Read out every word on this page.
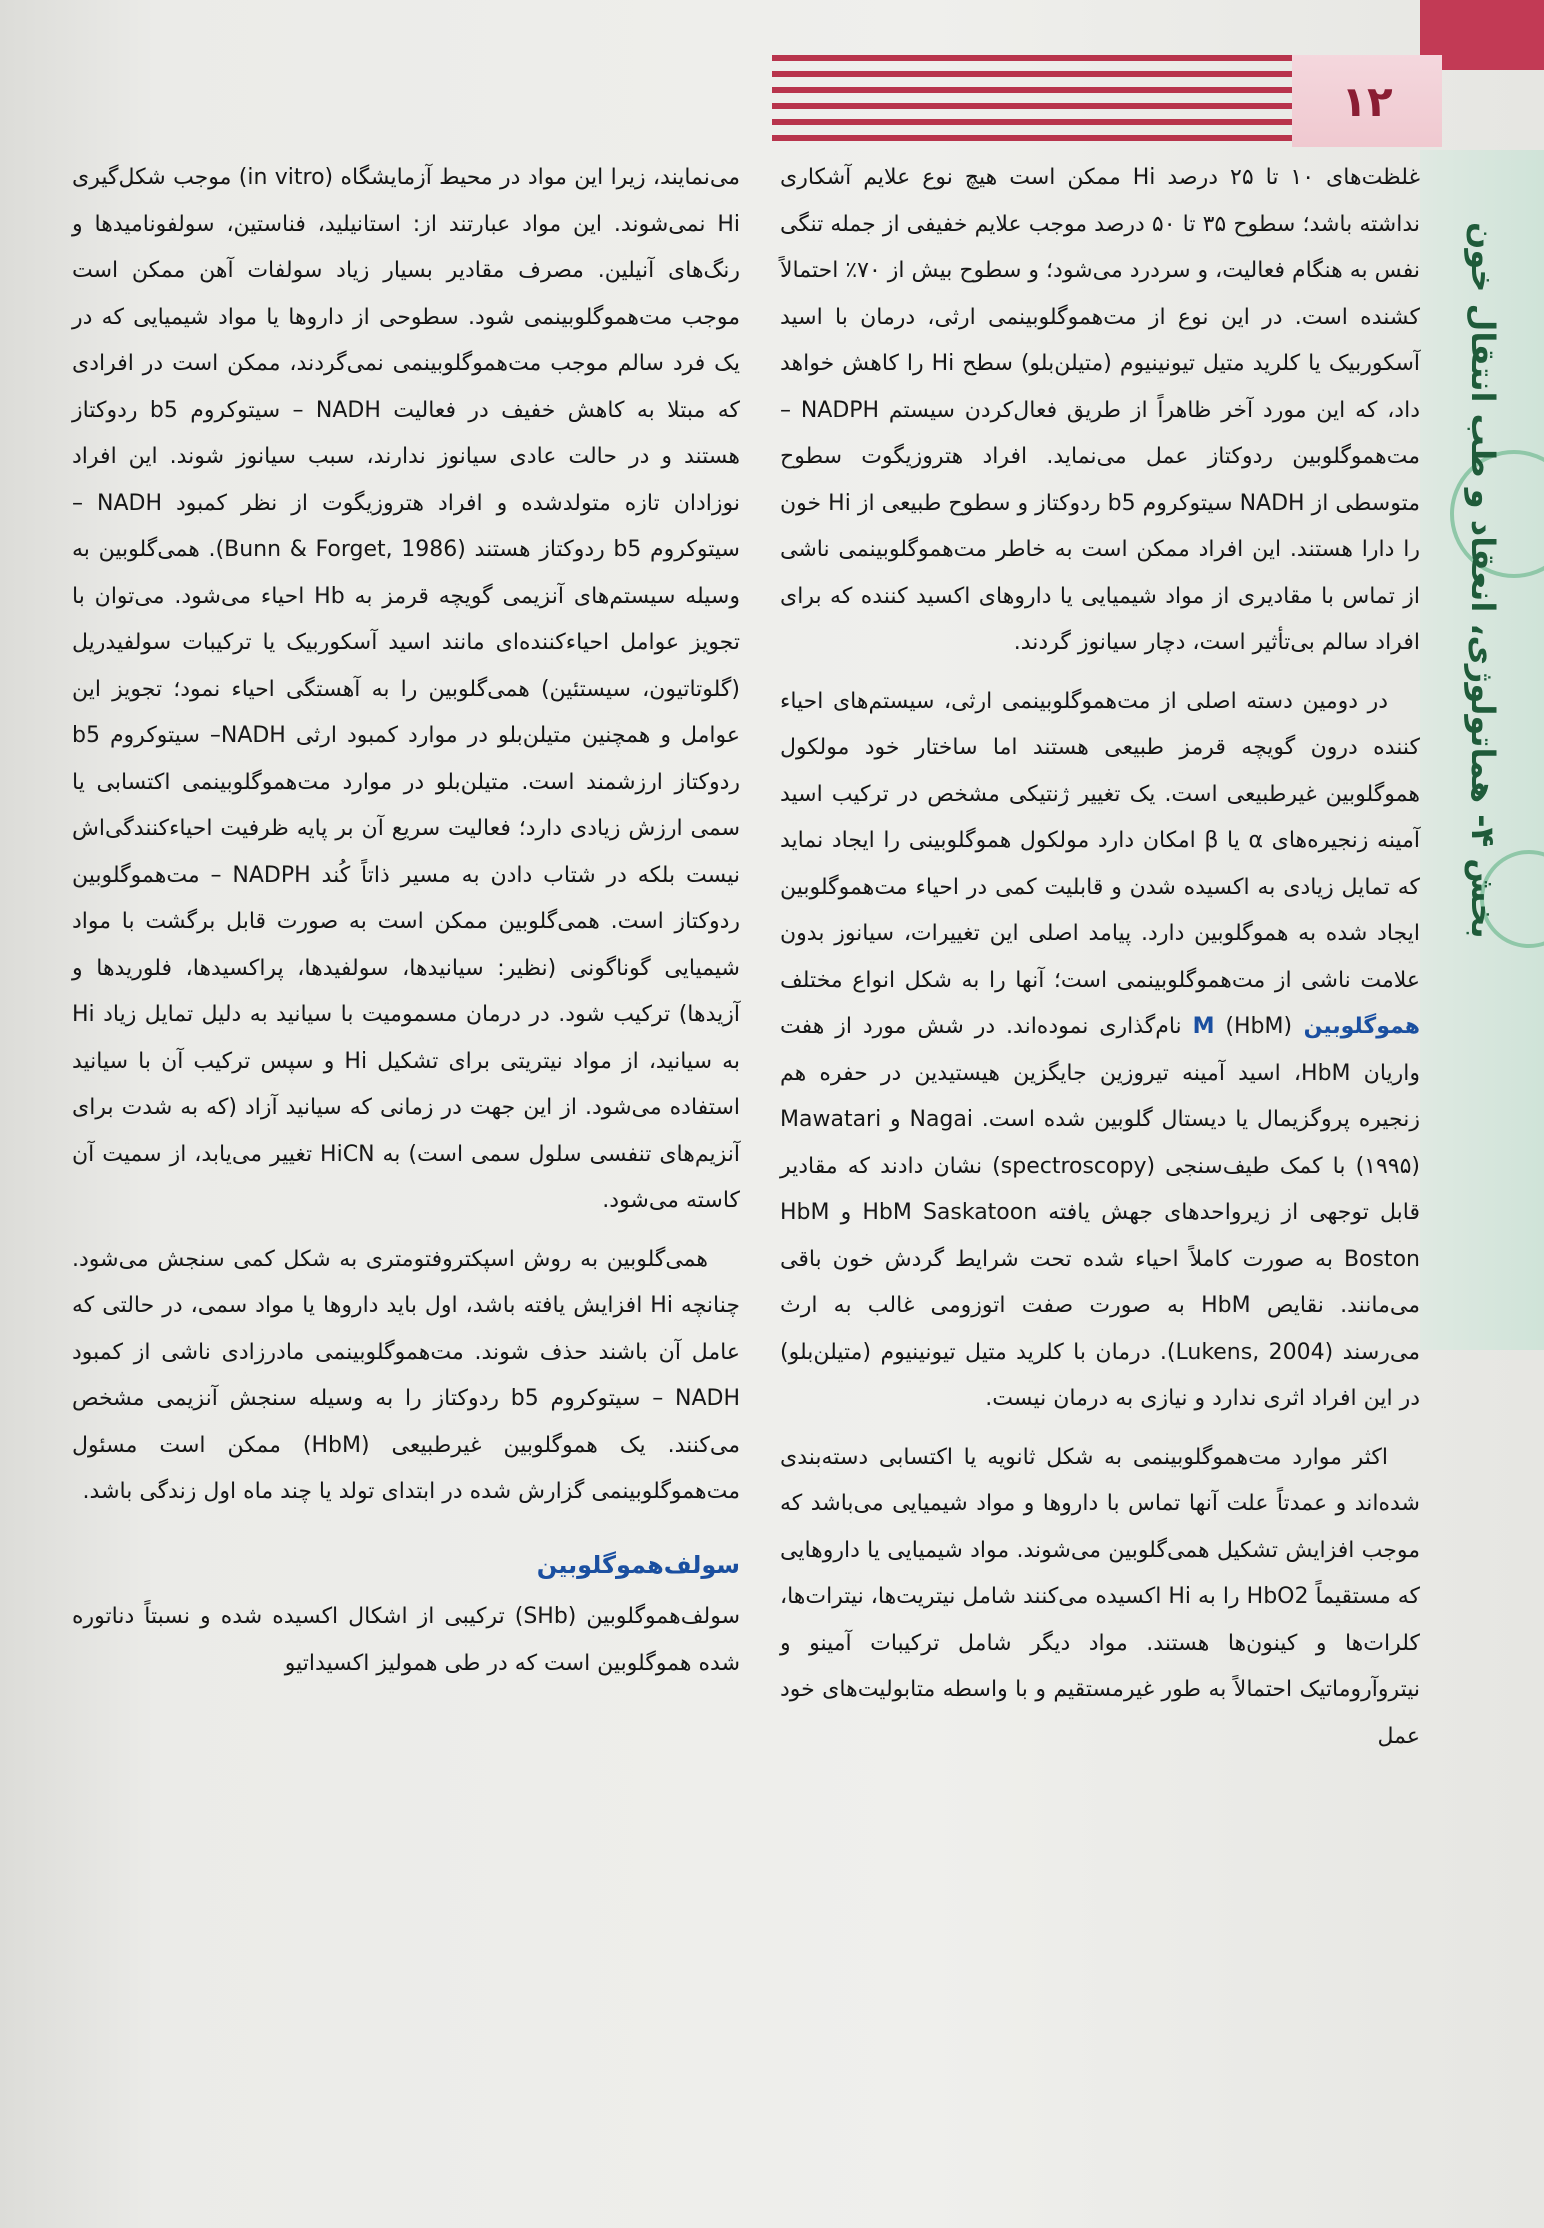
۱۲
بخش ۴- هماتولوژی، انعقاد و طب انتقال خون

غلظت‌های ۱۰ تا ۲۵ درصد Hi ممکن است هیچ نوع علایم آشکاری نداشته باشد؛ سطوح ۳۵ تا ۵۰ درصد موجب علایم خفیفی از جمله تنگی نفس به هنگام فعالیت، و سردرد می‌شود؛ و سطوح بیش از ۷۰٪ احتمالاً کشنده است. در این نوع از مت‌هموگلوبینمی ارثی، درمان با اسید آسکوربیک یا کلرید متیل تیونینیوم (متیلن‌بلو) سطح Hi را کاهش خواهد داد، که این مورد آخر ظاهراً از طریق فعال‌کردن سیستم NADPH – مت‌هموگلوبین ردوکتاز عمل می‌نماید. افراد هتروزیگوت سطوح متوسطی از NADH سیتوکروم b5 ردوکتاز و سطوح طبیعی از Hi خون را دارا هستند. این افراد ممکن است به خاطر مت‌هموگلوبینمی ناشی از تماس با مقادیری از مواد شیمیایی یا داروهای اکسید کننده که برای افراد سالم بی‌تأثیر است، دچار سیانوز گردند.

در دومین دسته اصلی از مت‌هموگلوبینمی ارثی، سیستم‌های احیاء کننده درون گویچه قرمز طبیعی هستند اما ساختار خود مولکول هموگلوبین غیرطبیعی است. یک تغییر ژنتیکی مشخص در ترکیب اسید آمینه زنجیره‌های α یا β امکان دارد مولکول هموگلوبینی را ایجاد نماید که تمایل زیادی به اکسیده شدن و قابلیت کمی در احیاء مت‌هموگلوبین ایجاد شده به هموگلوبین دارد. پیامد اصلی این تغییرات، سیانوز بدون علامت ناشی از مت‌هموگلوبینمی است؛ آنها را به شکل انواع مختلف هموگلوبین M (HbM) نام‌گذاری نموده‌اند. در شش مورد از هفت واریان HbM، اسید آمینه تیروزین جایگزین هیستیدین در حفره هم زنجیره پروگزیمال یا دیستال گلوبین شده است. Nagai و Mawatari (۱۹۹۵) با کمک طیف‌سنجی (spectroscopy) نشان دادند که مقادیر قابل توجهی از زیرواحدهای جهش یافته HbM Saskatoon و HbM Boston به صورت کاملاً احیاء شده تحت شرایط گردش خون باقی می‌مانند. نقایص HbM به صورت صفت اتوزومی غالب به ارث می‌رسند (Lukens, 2004). درمان با کلرید متیل تیونینیوم (متیلن‌بلو) در این افراد اثری ندارد و نیازی به درمان نیست.

اکثر موارد مت‌هموگلوبینمی به شکل ثانویه یا اکتسابی دسته‌بندی شده‌اند و عمدتاً علت آنها تماس با داروها و مواد شیمیایی می‌باشد که موجب افزایش تشکیل همی‌گلوبین می‌شوند. مواد شیمیایی یا داروهایی که مستقیماً HbO2 را به Hi اکسیده می‌کنند شامل نیتریت‌ها، نیترات‌ها، کلرات‌ها و کینون‌ها هستند. مواد دیگر شامل ترکیبات آمینو و نیتروآروماتیک احتمالاً به طور غیرمستقیم و با واسطه متابولیت‌های خود عمل

می‌نمایند، زیرا این مواد در محیط آزمایشگاه (in vitro) موجب شکل‌گیری Hi نمی‌شوند. این مواد عبارتند از: استانیلید، فناستین، سولفونامیدها و رنگ‌های آنیلین. مصرف مقادیر بسیار زیاد سولفات آهن ممکن است موجب مت‌هموگلوبینمی شود. سطوحی از داروها یا مواد شیمیایی که در یک فرد سالم موجب مت‌هموگلوبینمی نمی‌گردند، ممکن است در افرادی که مبتلا به کاهش خفیف در فعالیت NADH – سیتوکروم b5 ردوکتاز هستند و در حالت عادی سیانوز ندارند، سبب سیانوز شوند. این افراد نوزادان تازه متولدشده و افراد هتروزیگوت از نظر کمبود NADH – سیتوکروم b5 ردوکتاز هستند (Bunn & Forget, 1986). همی‌گلوبین به وسیله سیستم‌های آنزیمی گویچه قرمز به Hb احیاء می‌شود. می‌توان با تجویز عوامل احیاءکننده‌ای مانند اسید آسکوربیک یا ترکیبات سولفیدریل (گلوتاتیون، سیستئین) همی‌گلوبین را به آهستگی احیاء نمود؛ تجویز این عوامل و همچنین متیلن‌بلو در موارد کمبود ارثی NADH– سیتوکروم b5 ردوکتاز ارزشمند است. متیلن‌بلو در موارد مت‌هموگلوبینمی اکتسابی یا سمی ارزش زیادی دارد؛ فعالیت سریع آن بر پایه ظرفیت احیاءکنندگی‌اش نیست بلکه در شتاب دادن به مسیر ذاتاً کُند NADPH – مت‌هموگلوبین ردوکتاز است. همی‌گلوبین ممکن است به صورت قابل برگشت با مواد شیمیایی گوناگونی (نظیر: سیانیدها، سولفیدها، پراکسیدها، فلوریدها و آزیدها) ترکیب شود. در درمان مسمومیت با سیانید به دلیل تمایل زیاد Hi به سیانید، از مواد نیتریتی برای تشکیل Hi و سپس ترکیب آن با سیانید استفاده می‌شود. از این جهت در زمانی که سیانید آزاد (که به شدت برای آنزیم‌های تنفسی سلول سمی است) به HiCN تغییر می‌یابد، از سمیت آن کاسته می‌شود.

همی‌گلوبین به روش اسپکتروفتومتری به شکل کمی سنجش می‌شود. چنانچه Hi افزایش یافته باشد، اول باید داروها یا مواد سمی، در حالتی که عامل آن باشند حذف شوند. مت‌هموگلوبینمی مادرزادی ناشی از کمبود NADH – سیتوکروم b5 ردوکتاز را به وسیله سنجش آنزیمی مشخص می‌کنند. یک هموگلوبین غیرطبیعی (HbM) ممکن است مسئول مت‌هموگلوبینمی گزارش شده در ابتدای تولد یا چند ماه اول زندگی باشد.

سولف‌هموگلوبین

سولف‌هموگلوبین (SHb) ترکیبی از اشکال اکسیده شده و نسبتاً دناتوره شده هموگلوبین است که در طی همولیز اکسیداتیو
